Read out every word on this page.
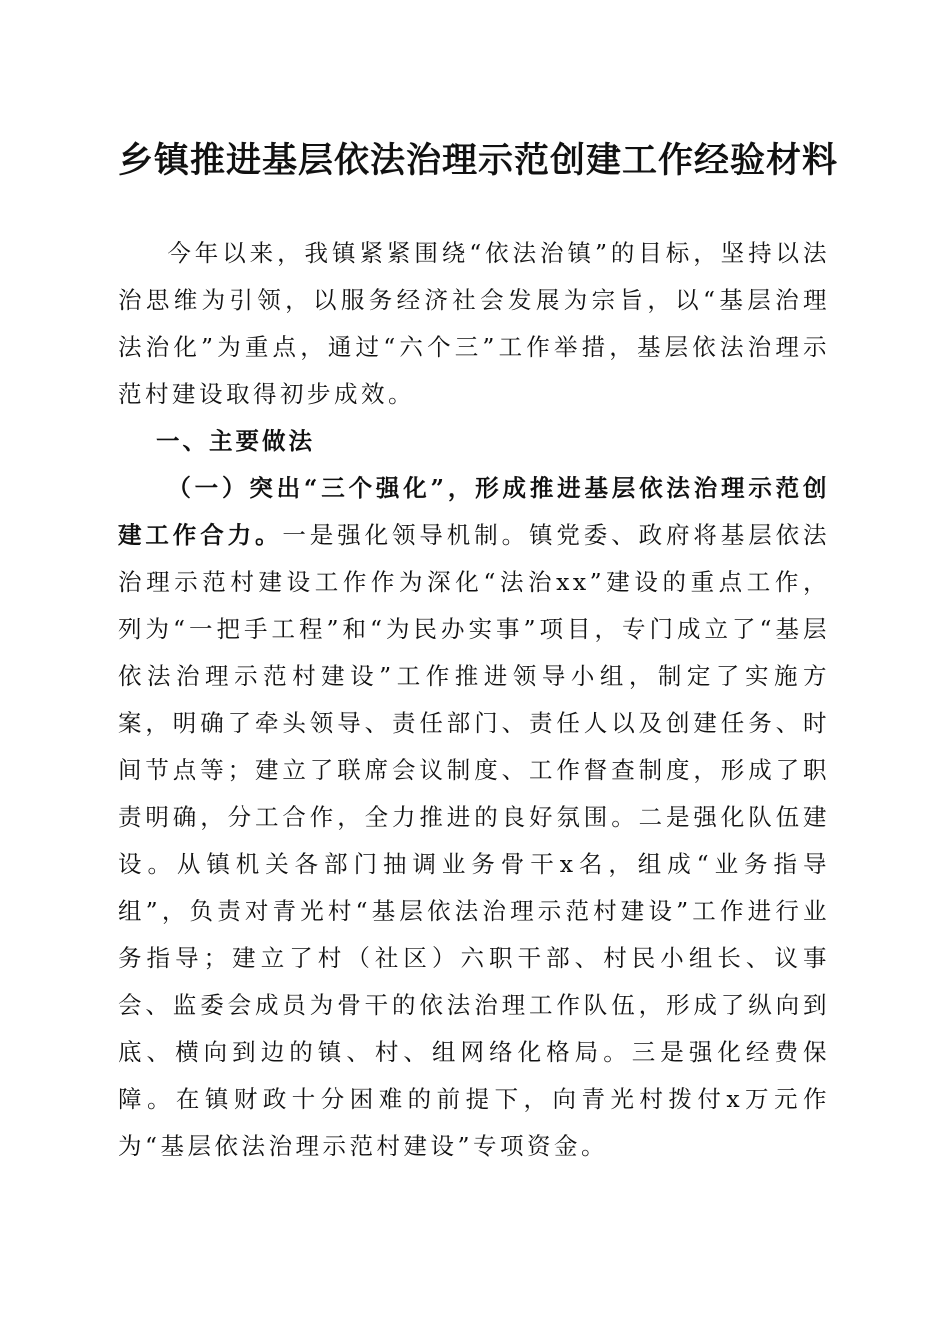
乡镇推进基层依法治理示范创建工作经验材料

今年以来，我镇紧紧围绕“依法治镇”的目标，坚持以法治思维为引领，以服务经济社会发展为宗旨，以“基层治理法治化”为重点，通过“六个三”工作举措，基层依法治理示范村建设取得初步成效。

一、主要做法

（一）突出“三个强化”，形成推进基层依法治理示范创建工作合力。一是强化领导机制。镇党委、政府将基层依法治理示范村建设工作作为深化“法治xx”建设的重点工作，列为“一把手工程”和“为民办实事”项目，专门成立了“基层依法治理示范村建设”工作推进领导小组，制定了实施方案，明确了牵头领导、责任部门、责任人以及创建任务、时间节点等；建立了联席会议制度、工作督查制度，形成了职责明确，分工合作，全力推进的良好氛围。二是强化队伍建设。从镇机关各部门抽调业务骨干x名，组成“业务指导组”，负责对青光村“基层依法治理示范村建设”工作进行业务指导；建立了村（社区）六职干部、村民小组长、议事会、监委会成员为骨干的依法治理工作队伍，形成了纵向到底、横向到边的镇、村、组网络化格局。三是强化经费保障。在镇财政十分困难的前提下，向青光村拨付x万元作为“基层依法治理示范村建设”专项资金。
